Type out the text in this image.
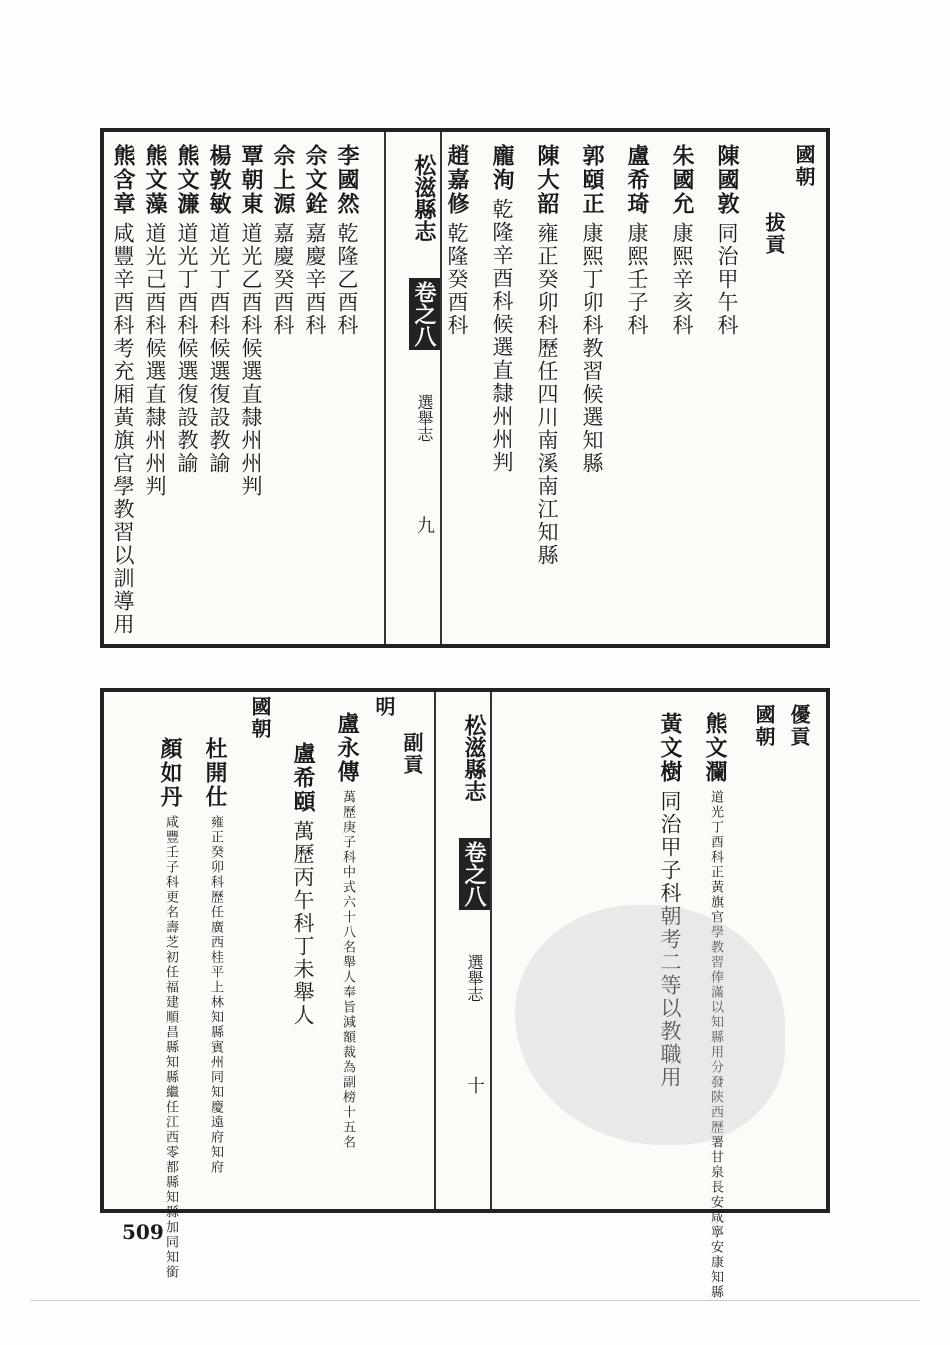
國朝
拔貢
陳國敦同治甲午科
朱國允康熙辛亥科
盧希琦康熙壬子科
郭頤正康熙丁卯科教習候選知縣
陳大韶雍正癸卯科歷任四川南溪南江知縣
龐洵乾隆辛酉科候選直隸州州判
趙嘉修乾隆癸酉科
松滋縣志 卷之八 選舉志 九
李國然乾隆乙酉科
佘文銓嘉慶辛酉科
佘上源嘉慶癸酉科
覃朝東道光乙酉科候選直隸州州判
楊敦敏道光丁酉科候選復設教諭
熊文濂道光丁酉科候選復設教諭
熊文藻道光己酉科候選直隸州州判
熊含章咸豐辛酉科考充厢黃旗官學教習以訓導用
優貢
國朝
熊文瀾道光丁酉科正黃旗官學教習俸滿以知縣用分發陝西歷署甘泉長安咸寧安康知縣
黃文樹同治甲子科朝考二等以教職用
松滋縣志 卷之八 選舉志 十
副貢
明
盧永傳萬歷庚子科中式六十八名舉人奉旨減額裁為副榜十五名
盧希頤萬歷丙午科丁未舉人
國朝
杜開仕雍正癸卯科歷任廣西桂平上林知縣賓州同知慶遠府知府
顏如丹咸豐壬子科更名壽芝初任福建順昌縣知縣繼任江西零都縣知縣加同知銜
509
